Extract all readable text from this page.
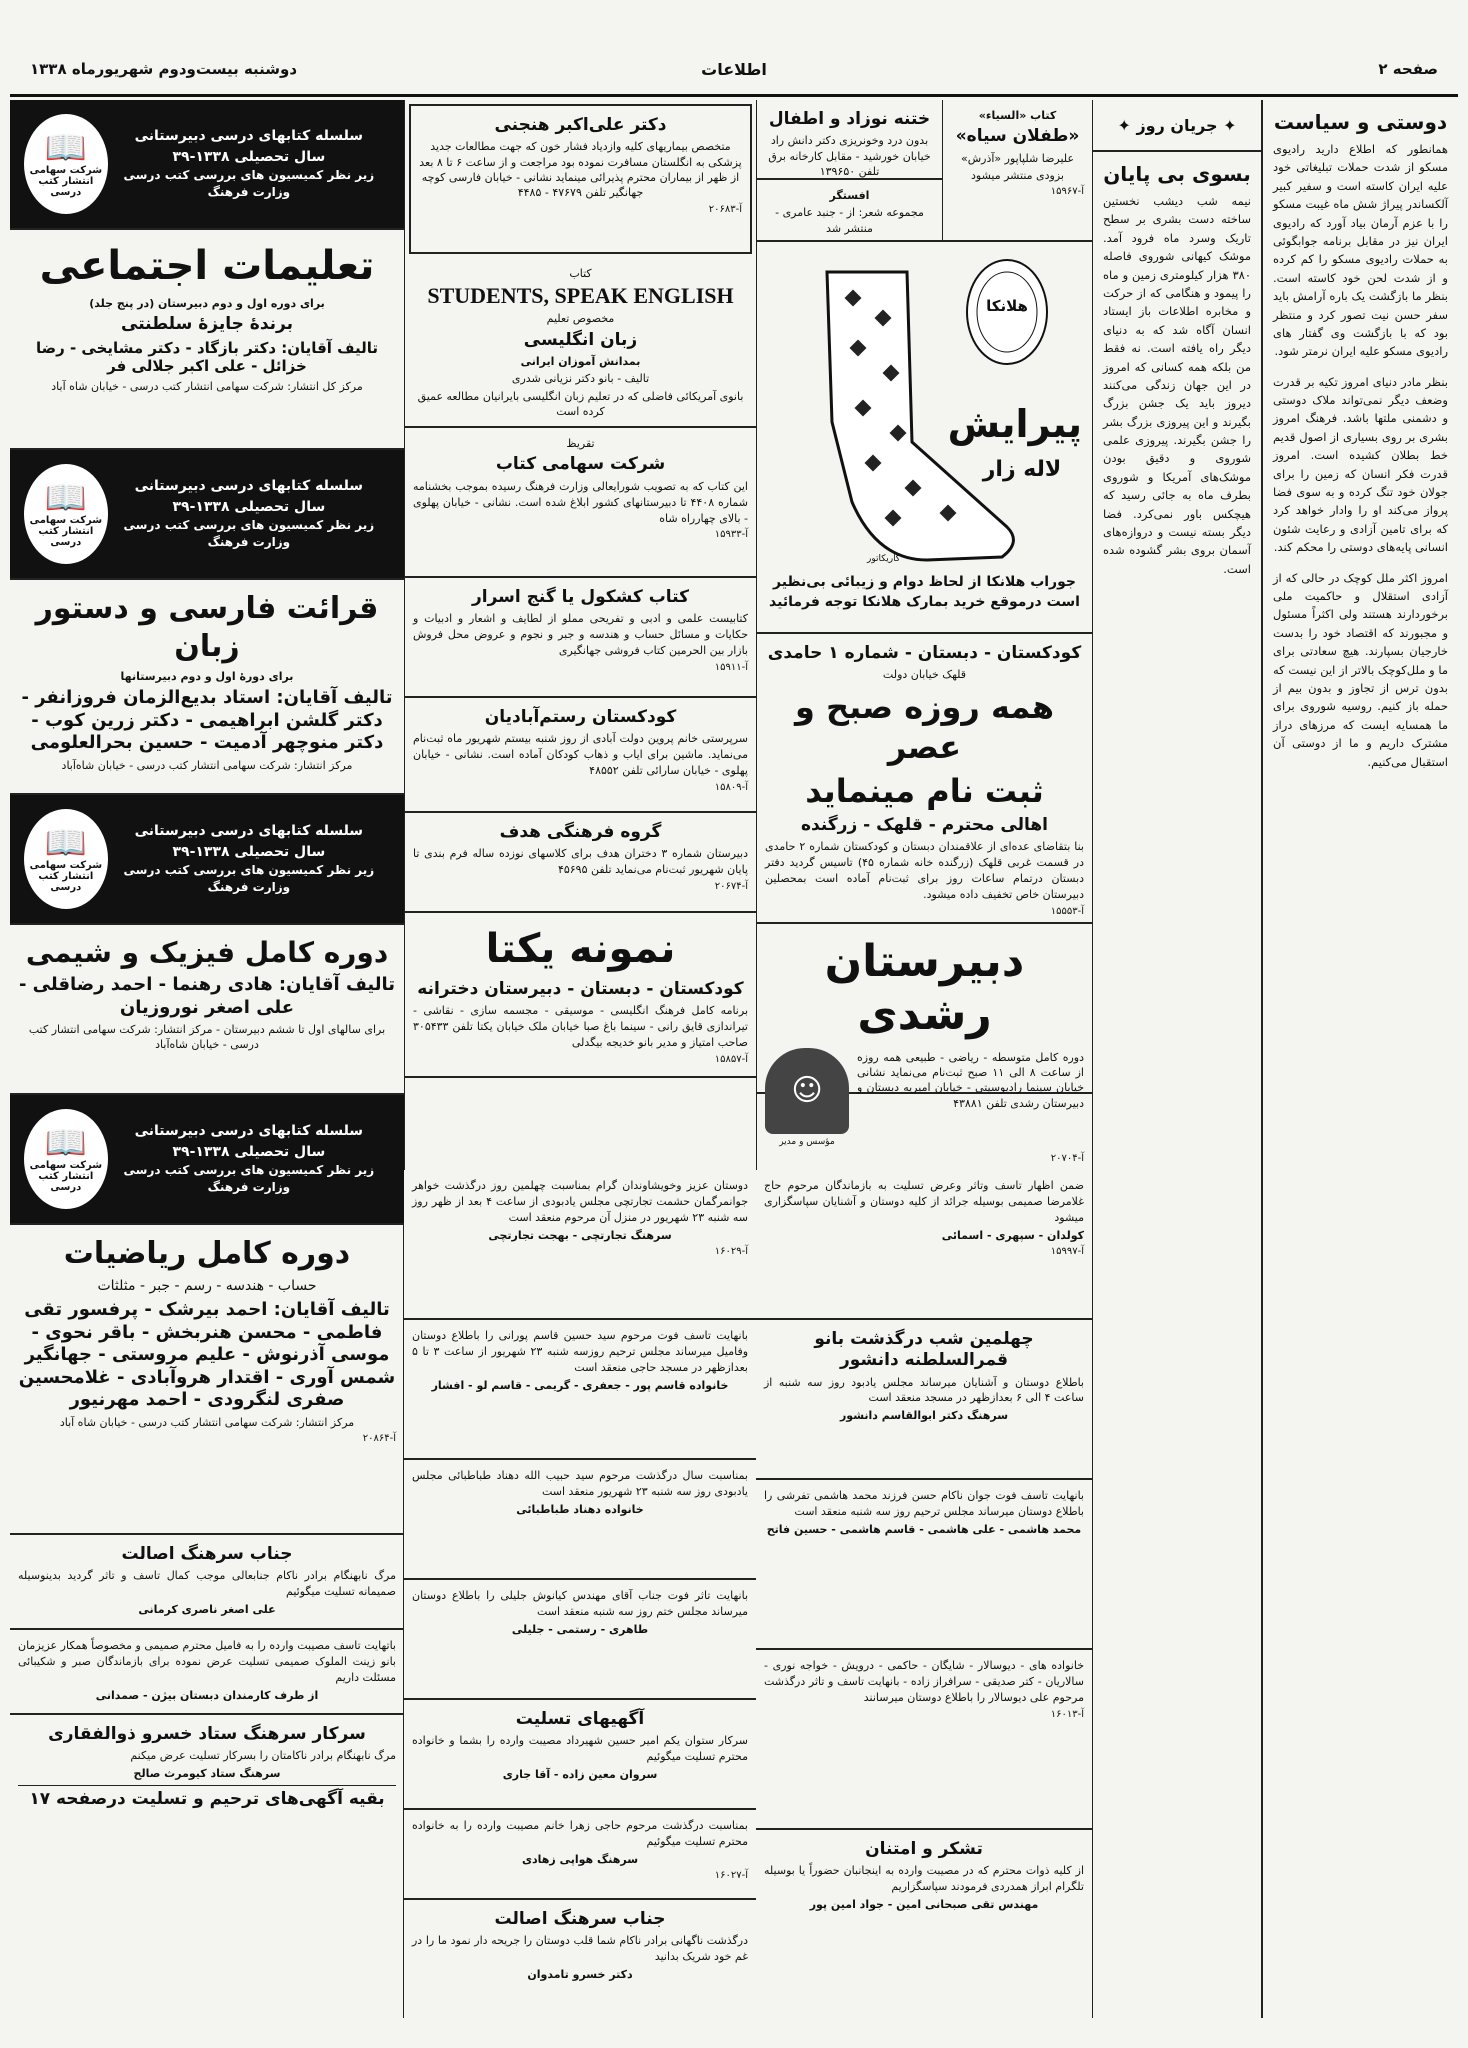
صفحه ۲
اطلاعات
دوشنبه بیست‌ودوم شهریورماه ۱۳۳۸
دوستی و سیاست

همانطور که اطلاع دارید رادیوی مسکو از شدت حملات تبلیغاتی خود علیه ایران کاسته است و سفیر کبیر آلکساندر پیراژ شش ماه غیبت مسکو را با عزم آرمان بیاد آورد که رادیوی ایران نیز در مقابل برنامه جوابگوئی به حملات رادیوی مسکو را کم کرده و از شدت لحن خود کاسته است. بنظر ما بازگشت یک باره آرامش باید سفر حسن نیت تصور کرد و منتظر بود که با بازگشت وی گفتار های رادیوی مسکو علیه ایران نرمتر شود.

بنظر مادر دنیای امروز تکیه بر قدرت وضعف دیگر نمی‌تواند ملاک دوستی و دشمنی ملتها باشد. فرهنگ امروز بشری بر روی بسیاری از اصول قدیم خط بطلان کشیده است. امروز قدرت فکر انسان که زمین را برای جولان خود تنگ کرده و به سوی فضا پرواز می‌کند او را وادار خواهد کرد که برای تامین آزادی و رعایت شئون انسانی پایه‌های دوستی را محکم کند.

امروز اکثر ملل کوچک در حالی که از آزادی استقلال و حاکمیت ملی برخوردارند هستند ولی اکثراً مسئول و مجبورند که اقتصاد خود را بدست خارجیان بسپارند. هیچ سعادتی برای ما و ملل‌کوچک بالاتر از این نیست که بدون ترس از تجاوز و بدون بیم از حمله باز کنیم. روسیه شوروی برای ما همسایه ایست که مرزهای دراز مشترک داریم و ما از دوستی آن استقبال می‌کنیم.

✦ جریان روز ✦
بسوی بی پایان

نیمه شب دیشب نخستین ساخته دست بشری بر سطح تاریک وسرد ماه فرود آمد. موشک کیهانی شوروی فاصله ۳۸۰ هزار کیلومتری زمین و ماه را پیمود و هنگامی که از حرکت و مخابره اطلاعات باز ایستاد انسان آگاه شد که به دنیای دیگر راه یافته است. نه فقط من بلکه همه کسانی که امروز در این جهان زندگی می‌کنند دیروز باید یک جشن بزرگ بگیرند و این پیروزی بزرگ بشر را جشن بگیرند. پیروزی علمی شوروی و دقیق بودن موشک‌های آمریکا و شوروی بطرف ماه به جائی رسید که هیچکس باور نمی‌کرد. فضا دیگر بسته نیست و دروازه‌های آسمان بروی بشر گشوده شده است.

کتاب «السیاء»
«طفلان سیاه»
علیرضا شلپاپور «آذرش»
بزودی منتشر میشود
آ-۱۵۹۶۷
ختنه نوزاد و اطفال
بدون درد وخونریزی دکتر دانش راد خیابان خورشید - مقابل کارخانه برق تلفن ۱۳۹۶۵۰
افستگر
مجموعه شعر: از - جنبد عامری - منتشر شد
هلانکا
پیرایش
لاله زار
کاریکاتور
جوراب هلانکا از لحاظ دوام و زیبائی بی‌نظیر است درموقع خرید بمارک هلانکا توجه فرمائید
کودکستان - دبستان - شماره ۱ حامدی
قلهک خیابان دولت
همه روزه صبح و عصر
ثبت نام مینماید
اهالی محترم - قلهک - زرگنده
بنا بتقاضای عده‌ای از علاقمندان دبستان و کودکستان شماره ۲ حامدی در قسمت غربی قلهک (زرگنده خانه شماره ۴۵) تاسیس گردید دفتر دبستان درتمام ساعات روز برای ثبت‌نام آماده است بمحصلین دبیرستان خاص تخفیف داده میشود.
آ-۱۵۵۵۳
دبیرستان رشدی
دوره کامل متوسطه - ریاضی - طبیعی همه روزه از ساعت ۸ الی ۱۱ صبح ثبت‌نام می‌نماید نشانی خیابان سینما رادیوسیتی - خیابان امیریه دبستان و دبیرستان رشدی تلفن ۴۳۸۸۱
☺
مؤسس و مدیر
آ-۲۰۷۰۴
دکتر علی‌اکبر هنجنی
متخصص بیماریهای کلیه وازدیاد فشار خون که جهت مطالعات جدید پزشکی به انگلستان مسافرت نموده بود مراجعت و از ساعت ۶ تا ۸ بعد از ظهر از بیماران محترم پذیرائی مینماید نشانی - خیابان فارسی کوچه جهانگیر تلفن ۴۷۶۷۹ - ۴۴۸۵
آ-۲۰۶۸۳
کتاب
STUDENTS, SPEAK ENGLISH
مخصوص تعلیم
زبان انگلیسی
بمدانش آموزان ایرانی
تالیف - بانو دکتر نزیانی شدری
بانوی آمریکائی فاضلی که در تعلیم زبان انگلیسی بایرانیان مطالعه عمیق کرده است
تقریظ
شرکت سهامی کتاب
این کتاب که به تصویب شورایعالی وزارت فرهنگ رسیده بموجب بخشنامه شماره ۴۴۰۸ تا دبیرستانهای کشور ابلاغ شده است. نشانی - خیابان پهلوی - بالای چهارراه شاه
آ-۱۵۹۳۳
کتاب کشکول یا گنج اسرار
کتابیست علمی و ادبی و تفریحی مملو از لطایف و اشعار و ادبیات و حکایات و مسائل حساب و هندسه و جبر و نجوم و عروض محل فروش بازار بین الحرمین کتاب فروشی جهانگیری
آ-۱۵۹۱۱
کودکستان رستم‌آبادیان
سرپرستی خانم پروین دولت آبادی از روز شنبه بیستم شهریور ماه ثبت‌نام می‌نماید. ماشین برای ایاب و ذهاب کودکان آماده است. نشانی - خیابان پهلوی - خیابان سارائی تلفن ۴۸۵۵۲
آ-۱۵۸۰۹
گروه فرهنگی هدف
دبیرستان شماره ۳ دختران هدف برای کلاسهای نوزده ساله فرم بندی تا پایان شهریور ثبت‌نام می‌نماید تلفن ۴۵۶۹۵
آ-۲۰۶۷۴
نمونه یکتا
کودکستان - دبستان - دبیرستان دخترانه
برنامه کامل فرهنگ انگلیسی - موسیقی - مجسمه سازی - نقاشی - تیراندازی قایق رانی - سینما باغ صبا خیابان ملک خیابان یکتا تلفن ۳۰۵۴۳۳ صاحب امتیاز و مدیر بانو خدیجه بیگدلی
آ-۱۵۸۵۷
ضمن اظهار تاسف وتاثر وعرض تسلیت به بازماندگان مرحوم حاج غلامرضا صمیمی بوسیله جرائد از کلیه دوستان و آشنایان سپاسگزاری میشود
کولدان - سپهری - اسمائی
آ-۱۵۹۹۷
چهلمین شب درگذشت بانو قمرالسلطنه دانشور
باطلاع دوستان و آشنایان میرساند مجلس یادبود روز سه شنبه از ساعت ۴ الی ۶ بعدازظهر در مسجد منعقد است
سرهنگ دکتر ابوالقاسم دانشور
بانهایت تاسف فوت جوان ناکام حسن فرزند محمد هاشمی تفرشی را باطلاع دوستان میرساند مجلس ترحیم روز سه شنبه منعقد است
محمد هاشمی - علی هاشمی - قاسم هاشمی - حسین فاتح
خانواده های - دیوسالار - شایگان - حاکمی - درویش - خواجه نوری - سالاریان - کتر صدیقی - سرافراز زاده - بانهایت تاسف و تاثر درگذشت مرحوم علی دیوسالار را باطلاع دوستان میرسانند
آ-۱۶۰۱۳
تشکر و امتنان
از کلیه ذوات محترم که در مصیبت وارده به اینجانبان حضوراً یا بوسیله تلگرام ابراز همدردی فرمودند سپاسگزاریم
مهندس تقی صبحانی امین - جواد امین پور
دوستان عزیز وخویشاوندان گرام بمناسبت چهلمین روز درگذشت خواهر جوانمرگمان حشمت تجارتچی مجلس یادبودی از ساعت ۴ بعد از ظهر روز سه شنبه ۲۳ شهریور در منزل آن مرحوم منعقد است
سرهنگ تجارتچی - بهجت تجارتچی
آ-۱۶۰۲۹
بانهایت تاسف فوت مرحوم سید حسین قاسم پورانی را باطلاع دوستان وفامیل میرساند مجلس ترحیم روزسه شنبه ۲۳ شهریور از ساعت ۳ تا ۵ بعدازظهر در مسجد حاجی منعقد است
خانواده قاسم پور - جعفری - گریمی - قاسم لو - افشار
بمناسبت سال درگذشت مرحوم سید حبیب الله دهناد طباطبائی مجلس یادبودی روز سه شنبه ۲۳ شهریور منعقد است
خانواده دهناد طباطبائی
بانهایت تاثر فوت جناب آقای مهندس کیانوش جلیلی را باطلاع دوستان میرساند مجلس ختم روز سه شنبه منعقد است
طاهری - رستمی - جلیلی
آگهیهای تسلیت
سرکار ستوان یکم امیر حسین شهیرداد مصیبت وارده را بشما و خانواده محترم تسلیت میگوئیم
سروان معین زاده - آقا جاری
بمناسبت درگذشت مرحوم حاجی زهرا خانم مصیبت وارده را به خانواده محترم تسلیت میگوئیم
سرهنگ هواپی زهادی
آ-۱۶۰۲۷
جناب سرهنگ اصالت
درگذشت ناگهانی برادر ناکام شما قلب دوستان را جریحه دار نمود ما را در غم خود شریک بدانید
دکتر خسرو تامدوان
سلسله کتابهای درسی دبیرستانی
سال تحصیلی ۱۳۳۸-۳۹
زیر نظر کمیسیون های بررسی کتب درسی وزارت فرهنگ
📖
شرکت سهامی انتشار کتب درسی
تعلیمات اجتماعی
برای دوره اول و دوم دبیرستان (در پنج جلد)
برندهٔ جایزهٔ سلطنتی
تالیف آقایان: دکتر بازگاد - دکتر مشایخی - رضا خزائل - علی اکبر جلالی فر
مرکز کل انتشار: شرکت سهامی انتشار کتب درسی - خیابان شاه آباد
سلسله کتابهای درسی دبیرستانی
سال تحصیلی ۱۳۳۸-۳۹
زیر نظر کمیسیون های بررسی کتب درسی وزارت فرهنگ
📖
شرکت سهامی انتشار کتب درسی
قرائت فارسی و دستور زبان
برای دورهٔ اول و دوم دبیرستانها
تالیف آقایان: استاد بدیع‌الزمان فروزانفر - دکتر گلشن ابراهیمی - دکتر زرین کوب - دکتر منوچهر آدمیت - حسین بحرالعلومی
مرکز انتشار: شرکت سهامی انتشار کتب درسی - خیابان شاه‌آباد
سلسله کتابهای درسی دبیرستانی
سال تحصیلی ۱۳۳۸-۳۹
زیر نظر کمیسیون های بررسی کتب درسی وزارت فرهنگ
📖
شرکت سهامی انتشار کتب درسی
دوره کامل فیزیک و شیمی
تالیف آقایان: هادی رهنما - احمد رضاقلی - علی اصغر نوروزیان
برای سالهای اول تا ششم دبیرستان - مرکز انتشار: شرکت سهامی انتشار کتب درسی - خیابان شاه‌آباد
سلسله کتابهای درسی دبیرستانی
سال تحصیلی ۱۳۳۸-۳۹
زیر نظر کمیسیون های بررسی کتب درسی وزارت فرهنگ
📖
شرکت سهامی انتشار کتب درسی
دوره کامل ریاضیات
حساب - هندسه - رسم - جبر - مثلثات
تالیف آقایان: احمد بیرشک - پرفسور تقی فاطمی - محسن هنربخش - باقر نحوی - موسی آذرنوش - علیم مروستی - جهانگیر شمس آوری - اقتدار هروآبادی - غلامحسین صفری لنگرودی - احمد مهرنیور
مرکز انتشار: شرکت سهامی انتشار کتب درسی - خیابان شاه آباد
آ-۲۰۸۶۴
جناب سرهنگ اصالت
مرگ نابهنگام برادر ناکام جنابعالی موجب کمال تاسف و تاثر گردید بدینوسیله صمیمانه تسلیت میگوئیم
علی اصغر ناصری کرمانی
باتهایت تاسف مصیبت وارده را به فامیل محترم صمیمی و مخصوصاً همکار عزیزمان بانو زینت الملوک صمیمی تسلیت عرض نموده برای بازماندگان صبر و شکیبائی مسئلت داریم
از طرف کارمندان دبستان بیژن - صمدانی
سرکار سرهنگ ستاد خسرو ذوالفقاری
مرگ نابهنگام برادر ناکامتان را بسرکار تسلیت عرض میکنم
سرهنگ ستاد کیومرث صالح
بقیه آگهی‌های ترحیم و تسلیت درصفحه ۱۷
